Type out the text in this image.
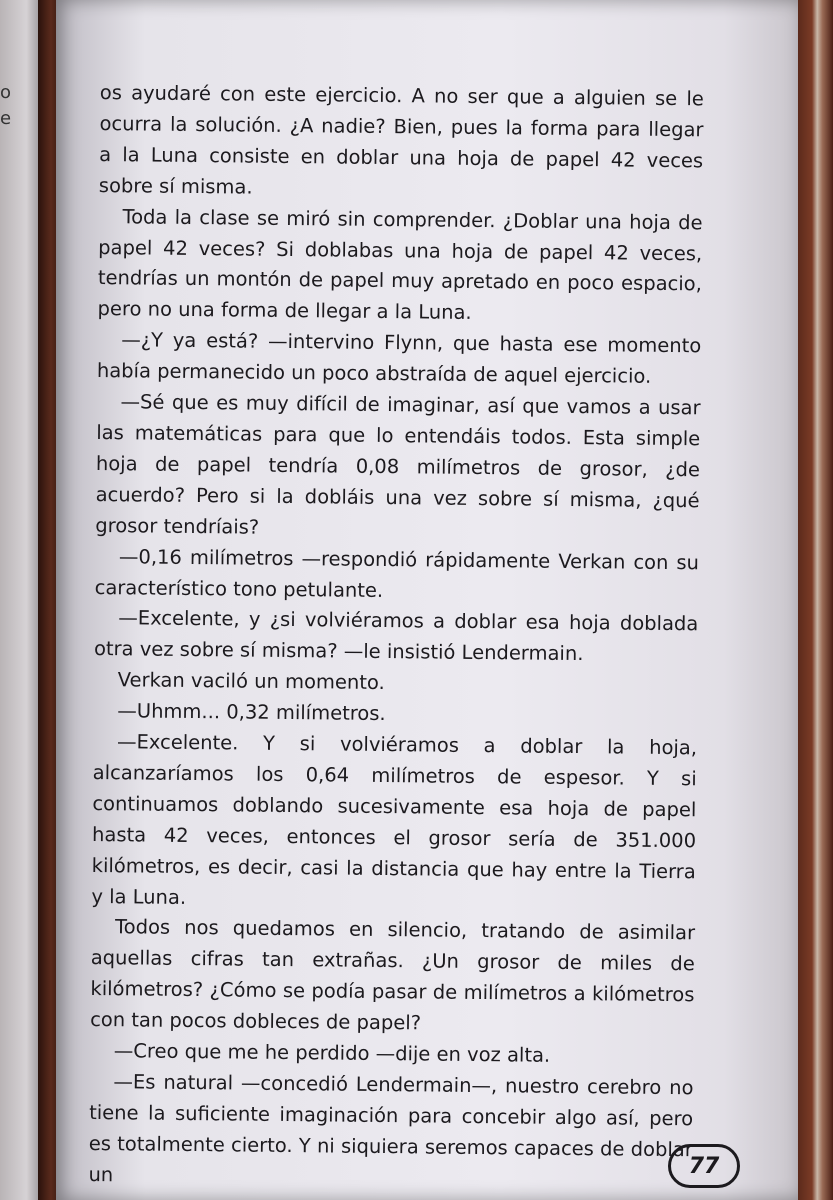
o
e

os ayudaré con este ejercicio. A no ser que a alguien se le ocurra la solución. ¿A nadie? Bien, pues la forma para llegar a la Luna consiste en doblar una hoja de papel 42 veces sobre sí misma.

Toda la clase se miró sin comprender. ¿Doblar una hoja de papel 42 veces? Si doblabas una hoja de papel 42 veces, tendrías un montón de papel muy apretado en poco espacio, pero no una forma de llegar a la Luna.

—¿Y ya está? —intervino Flynn, que hasta ese momento había permanecido un poco abstraída de aquel ejercicio.

—Sé que es muy difícil de imaginar, así que vamos a usar las matemáticas para que lo entendáis todos. Esta simple hoja de papel tendría 0,08 milímetros de grosor, ¿de acuerdo? Pero si la dobláis una vez sobre sí misma, ¿qué grosor tendríais?

—0,16 milímetros —respondió rápidamente Verkan con su característico tono petulante.

—Excelente, y ¿si volviéramos a doblar esa hoja doblada otra vez sobre sí misma? —le insistió Lendermain.

Verkan vaciló un momento.

—Uhmm... 0,32 milímetros.

—Excelente. Y si volviéramos a doblar la hoja, alcanzaríamos los 0,64 milímetros de espesor. Y si continuamos doblando sucesivamente esa hoja de papel hasta 42 veces, entonces el grosor sería de 351.000 kilómetros, es decir, casi la distancia que hay entre la Tierra y la Luna.

Todos nos quedamos en silencio, tratando de asimilar aquellas cifras tan extrañas. ¿Un grosor de miles de kilómetros? ¿Cómo se podía pasar de milímetros a kilómetros con tan pocos dobleces de papel?

—Creo que me he perdido —dije en voz alta.

—Es natural —concedió Lendermain—, nuestro cerebro no tiene la suficiente imaginación para concebir algo así, pero es totalmente cierto. Y ni siquiera seremos capaces de doblar un	77
